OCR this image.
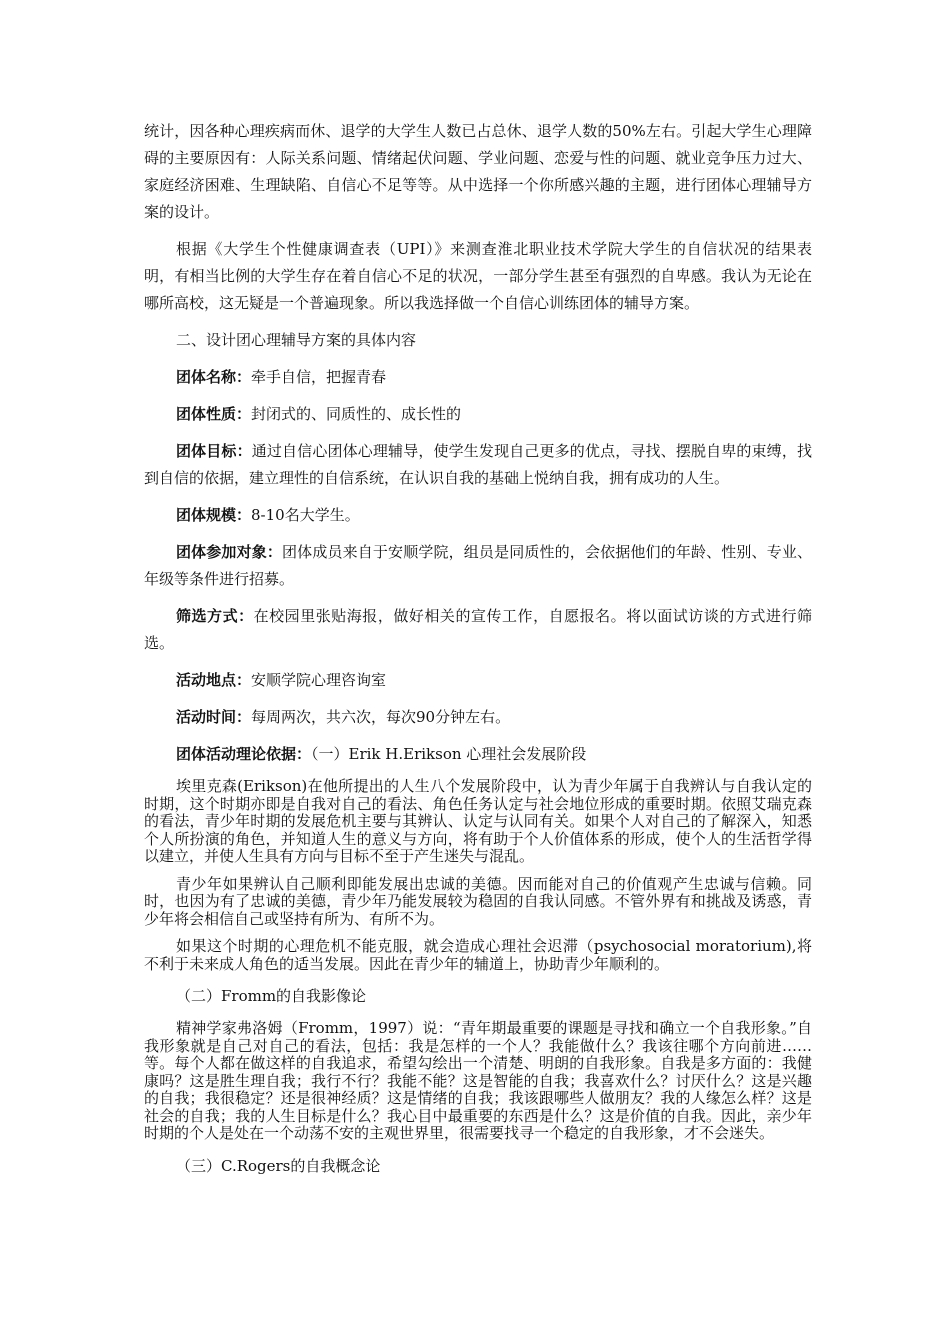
统计，因各种心理疾病而休、退学的大学生人数已占总休、退学人数的50%左右。引起大学生心理障碍的主要原因有：人际关系问题、情绪起伏问题、学业问题、恋爱与性的问题、就业竞争压力过大、家庭经济困难、生理缺陷、自信心不足等等。从中选择一个你所感兴趣的主题，进行团体心理辅导方案的设计。

根据《大学生个性健康调查表（UPI）》来测查淮北职业技术学院大学生的自信状况的结果表明，有相当比例的大学生存在着自信心不足的状况，一部分学生甚至有强烈的自卑感。我认为无论在哪所高校，这无疑是一个普遍现象。所以我选择做一个自信心训练团体的辅导方案。

二、设计团心理辅导方案的具体内容

团体名称：牵手自信，把握青春

团体性质：封闭式的、同质性的、成长性的

团体目标：通过自信心团体心理辅导，使学生发现自己更多的优点，寻找、摆脱自卑的束缚，找到自信的依据，建立理性的自信系统，在认识自我的基础上悦纳自我，拥有成功的人生。

团体规模：8-10名大学生。

团体参加对象：团体成员来自于安顺学院，组员是同质性的，会依据他们的年龄、性别、专业、年级等条件进行招募。

筛选方式：在校园里张贴海报，做好相关的宣传工作，自愿报名。将以面试访谈的方式进行筛选。

活动地点：安顺学院心理咨询室

活动时间：每周两次，共六次，每次90分钟左右。

团体活动理论依据：（一）Erik H.Erikson 心理社会发展阶段

埃里克森(Erikson)在他所提出的人生八个发展阶段中，认为青少年属于自我辨认与自我认定的时期，这个时期亦即是自我对自己的看法、角色任务认定与社会地位形成的重要时期。依照艾瑞克森的看法，青少年时期的发展危机主要与其辨认、认定与认同有关。如果个人对自己的了解深入，知悉个人所扮演的角色，并知道人生的意义与方向，将有助于个人价值体系的形成，使个人的生活哲学得以建立，并使人生具有方向与目标不至于产生迷失与混乱。

青少年如果辨认自己顺利即能发展出忠诚的美德。因而能对自己的价值观产生忠诚与信赖。同时，也因为有了忠诚的美德，青少年乃能发展较为稳固的自我认同感。不管外界有和挑战及诱惑，青少年将会相信自己或坚持有所为、有所不为。

如果这个时期的心理危机不能克服，就会造成心理社会迟滞（psychosocial moratorium),将不利于未来成人角色的适当发展。因此在青少年的辅道上，协助青少年顺利的。

（二）Fromm的自我影像论

精神学家弗洛姆（Fromm，1997）说：“青年期最重要的课题是寻找和确立一个自我形象。”自我形象就是自己对自己的看法，包括：我是怎样的一个人？我能做什么？我该往哪个方向前进……等。每个人都在做这样的自我追求，希望勾绘出一个清楚、明朗的自我形象。自我是多方面的：我健康吗？这是胜生理自我；我行不行？我能不能？这是智能的自我；我喜欢什么？讨厌什么？这是兴趣的自我；我很稳定？还是很神经质？这是情绪的自我；我该跟哪些人做朋友？我的人缘怎么样？这是社会的自我；我的人生目标是什么？我心目中最重要的东西是什么？这是价值的自我。因此，亲少年时期的个人是处在一个动荡不安的主观世界里，很需要找寻一个稳定的自我形象，才不会迷失。

（三）C.Rogers的自我概念论
